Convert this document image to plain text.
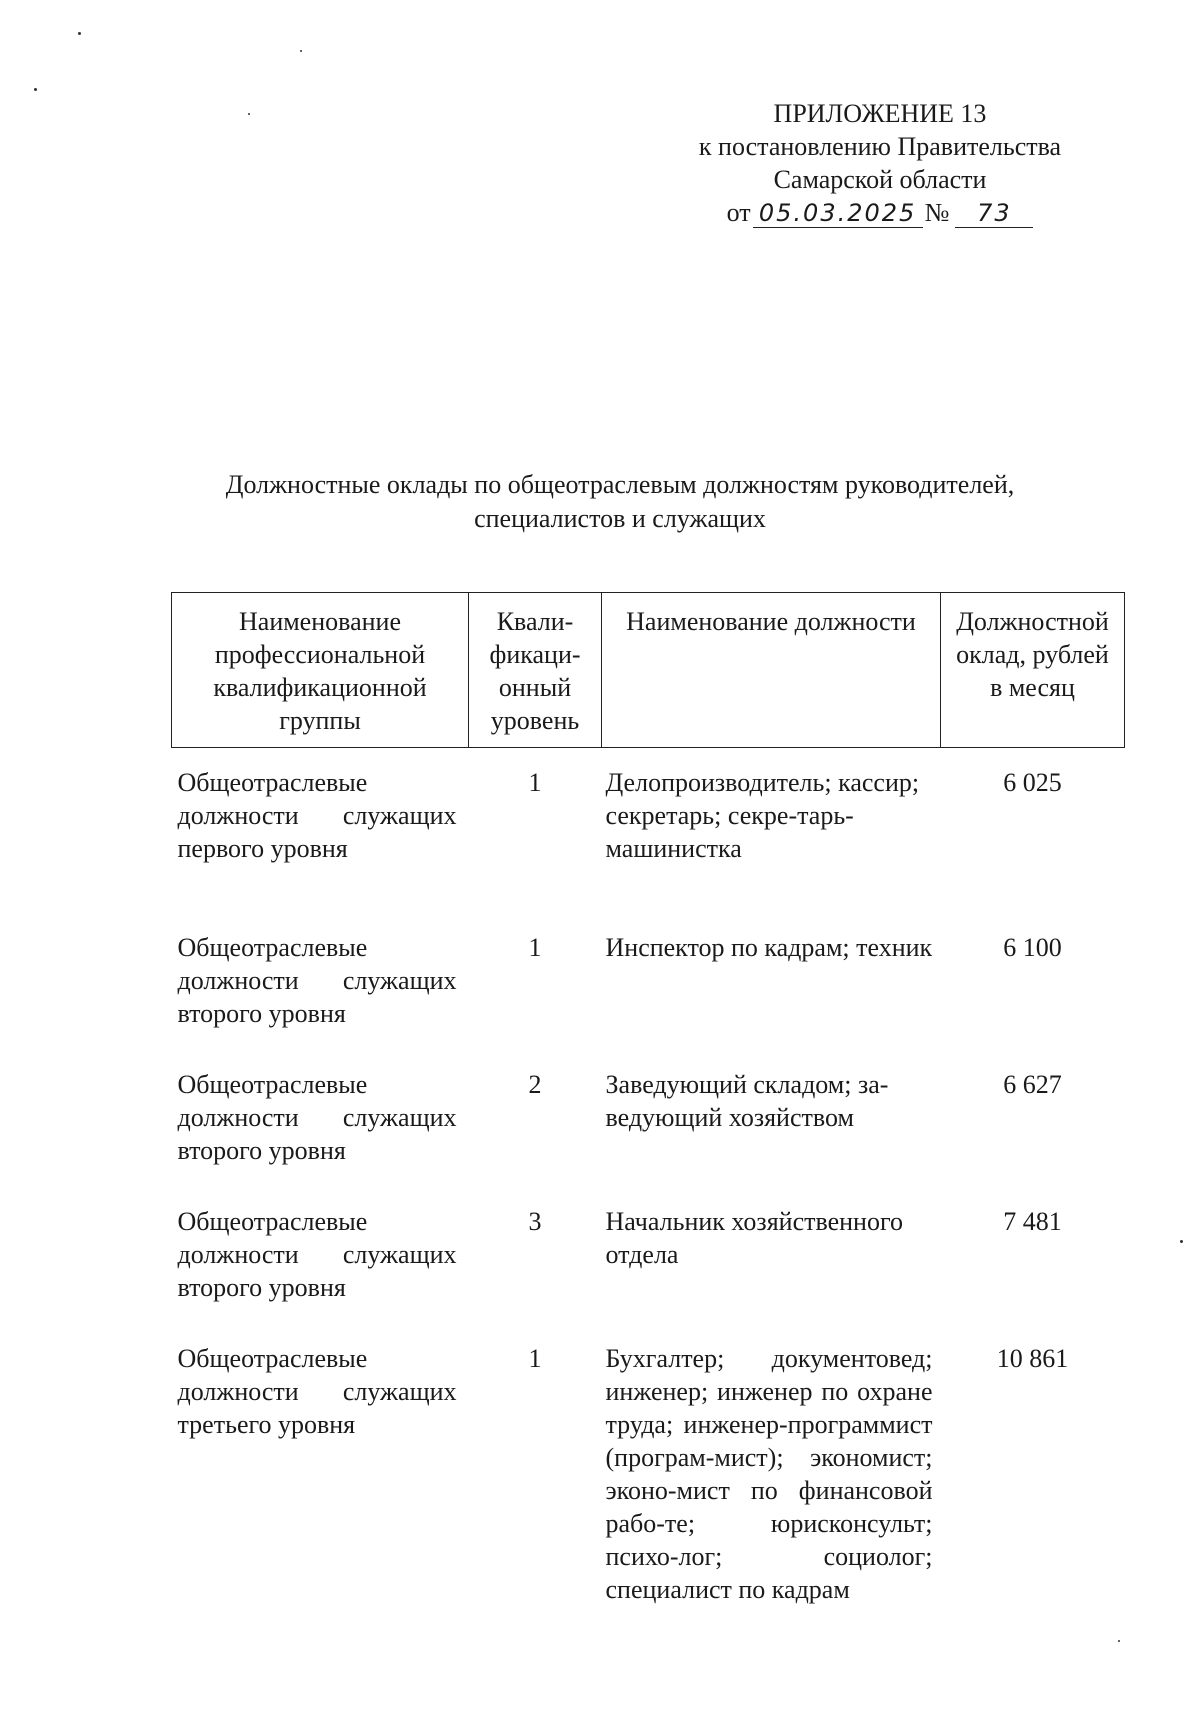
ПРИЛОЖЕНИЕ 13
к постановлению Правительства
Самарской области
от 05.03.2025 № 73
Должностные оклады по общеотраслевым должностям руководителей,
специалистов и служащих
Наименование профессиональной квалификационной группы	Квали-фикаци-онный уровень	Наименование должности	Должностной оклад, рублей в месяц

Общеотраслевые должности служащих
первого уровня	1	Делопроизводитель; кассир; секретарь; секре-тарь-машинистка	6 025

Общеотраслевые должности служащих
второго уровня	1	Инспектор по кадрам; техник	6 100

Общеотраслевые должности служащих
второго уровня	2	Заведующий складом; за-ведующий хозяйством	6 627

Общеотраслевые должности служащих
второго уровня	3	Начальник хозяйственного отдела	7 481

Общеотраслевые должности служащих
третьего уровня	1	Бухгалтер; документовед; инженер; инженер по охране труда; инженер-программист (програм-мист); экономист; эконо-мист по финансовой рабо-те; юрисконсульт; психо-лог; социолог; специалист по кадрам	10 861
